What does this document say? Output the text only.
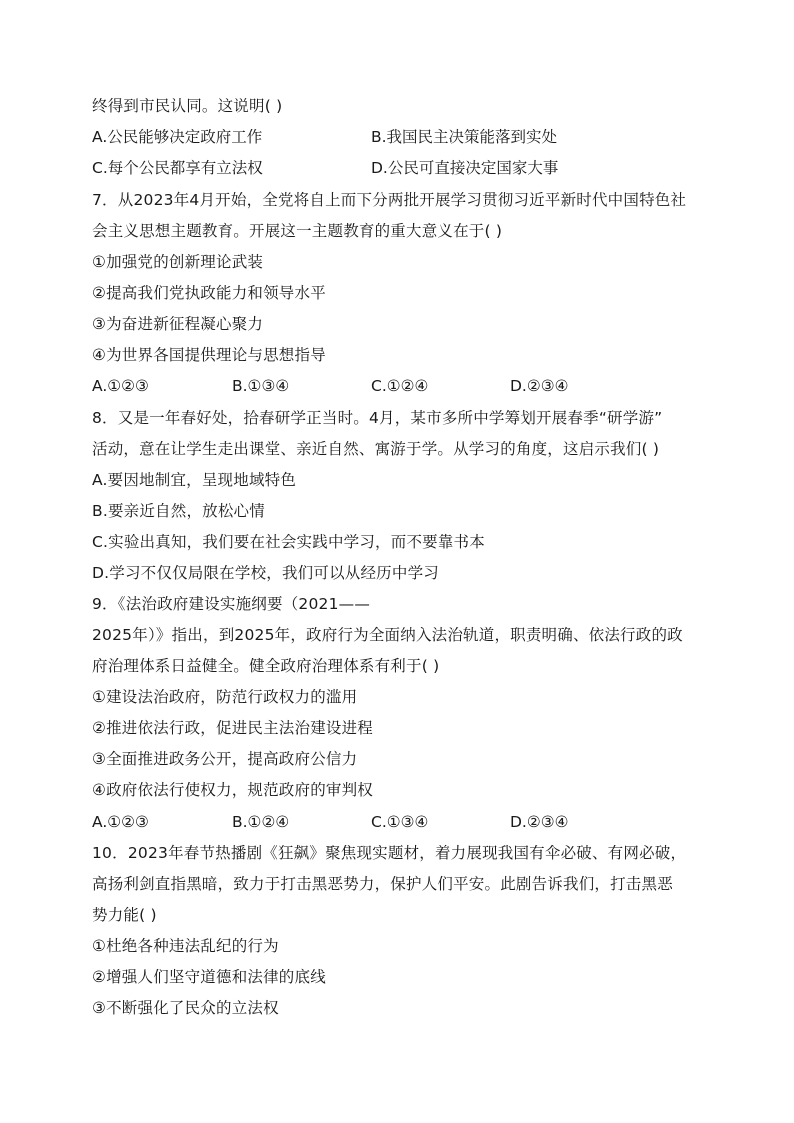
终得到市民认同。这说明( )
A.公民能够决定政府工作	B.我国民主决策能落到实处
C.每个公民都享有立法权	D.公民可直接决定国家大事
7．从2023年4月开始，全党将自上而下分两批开展学习贯彻习近平新时代中国特色社
会主义思想主题教育。开展这一主题教育的重大意义在于( )
①加强党的创新理论武装
②提高我们党执政能力和领导水平
③为奋进新征程凝心聚力
④为世界各国提供理论与思想指导
A.①②③	B.①③④	C.①②④	D.②③④
8．又是一年春好处，拾春研学正当时。4月，某市多所中学筹划开展春季“研学游”
活动，意在让学生走出课堂、亲近自然、寓游于学。从学习的角度，这启示我们( )
A.要因地制宜，呈现地域特色
B.要亲近自然，放松心情
C.实验出真知，我们要在社会实践中学习，而不要靠书本
D.学习不仅仅局限在学校，我们可以从经历中学习
9．《法治政府建设实施纲要（2021——
2025年）》指出，到2025年，政府行为全面纳入法治轨道，职责明确、依法行政的政
府治理体系日益健全。健全政府治理体系有利于( )
①建设法治政府，防范行政权力的滥用
②推进依法行政，促进民主法治建设进程
③全面推进政务公开，提高政府公信力
④政府依法行使权力，规范政府的审判权
A.①②③	B.①②④	C.①③④	D.②③④
10．2023年春节热播剧《狂飙》聚焦现实题材，着力展现我国有伞必破、有网必破，
高扬利剑直指黑暗，致力于打击黑恶势力，保护人们平安。此剧告诉我们，打击黑恶
势力能( )
①杜绝各种违法乱纪的行为
②增强人们坚守道德和法律的底线
③不断强化了民众的立法权
